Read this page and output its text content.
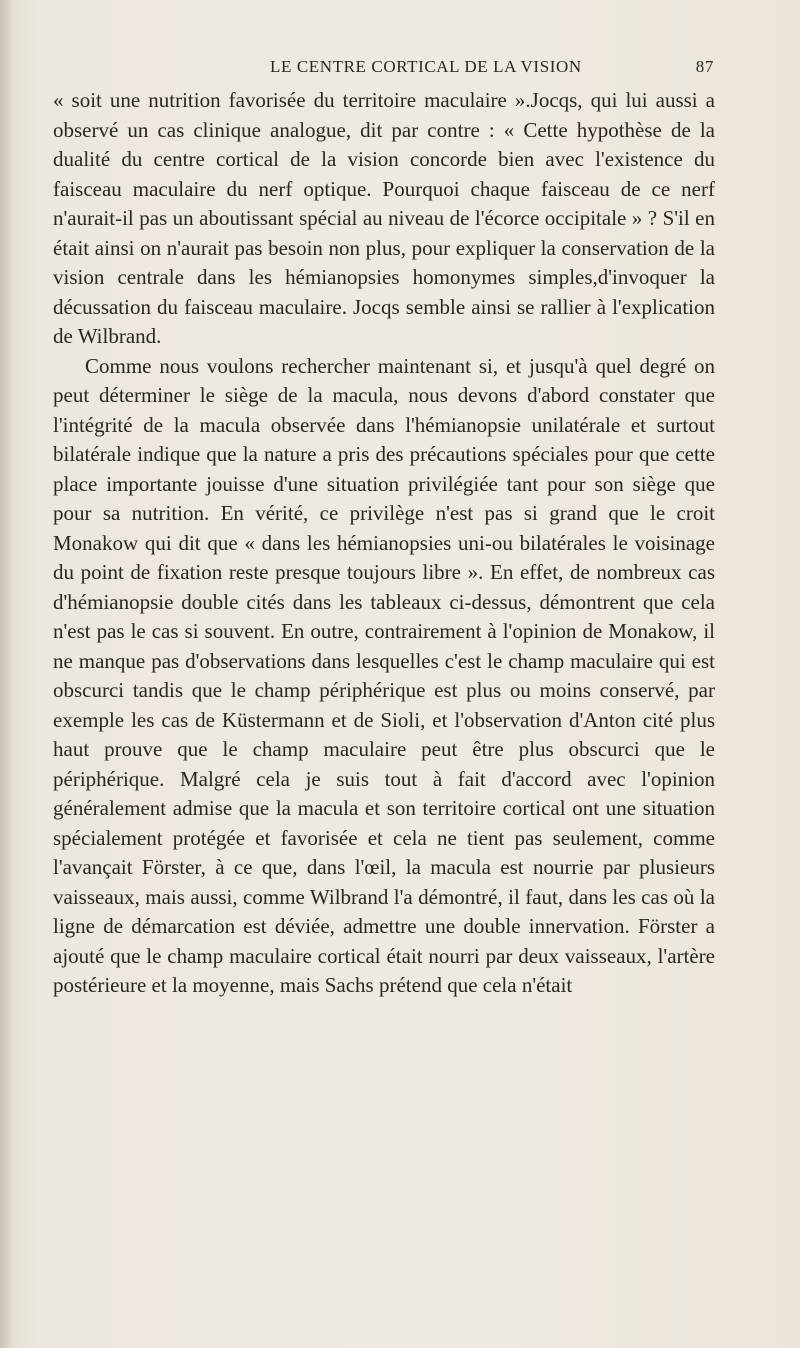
LE CENTRE CORTICAL DE LA VISION	87

« soit une nutrition favorisée du territoire maculaire ».Jocqs, qui lui aussi a observé un cas clinique analogue, dit par contre : « Cette hypothèse de la dualité du centre cortical de la vision concorde bien avec l'existence du faisceau maculaire du nerf optique. Pourquoi chaque faisceau de ce nerf n'aurait-il pas un aboutissant spécial au niveau de l'écorce occipitale » ? S'il en était ainsi on n'aurait pas besoin non plus, pour expliquer la conservation de la vision centrale dans les hémianopsies homonymes simples,d'invoquer la décussation du faisceau maculaire. Jocqs semble ainsi se rallier à l'explication de Wilbrand.

Comme nous voulons rechercher maintenant si, et jusqu'à quel degré on peut déterminer le siège de la macula, nous devons d'abord constater que l'intégrité de la macula observée dans l'hémianopsie unilatérale et surtout bilatérale indique que la nature a pris des précautions spéciales pour que cette place importante jouisse d'une situation privilégiée tant pour son siège que pour sa nutrition. En vérité, ce privilège n'est pas si grand que le croit Monakow qui dit que « dans les hémianopsies uni-ou bilatérales le voisinage du point de fixation reste presque toujours libre ». En effet, de nombreux cas d'hémianopsie double cités dans les tableaux ci-dessus, démontrent que cela n'est pas le cas si souvent. En outre, contrairement à l'opinion de Monakow, il ne manque pas d'observations dans lesquelles c'est le champ maculaire qui est obscurci tandis que le champ périphérique est plus ou moins conservé, par exemple les cas de Küstermann et de Sioli, et l'observation d'Anton cité plus haut prouve que le champ maculaire peut être plus obscurci que le périphérique. Malgré cela je suis tout à fait d'accord avec l'opinion généralement admise que la macula et son territoire cortical ont une situation spécialement protégée et favorisée et cela ne tient pas seulement, comme l'avançait Förster, à ce que, dans l'œil, la macula est nourrie par plusieurs vaisseaux, mais aussi, comme Wilbrand l'a démontré, il faut, dans les cas où la ligne de démarcation est déviée, admettre une double innervation. Förster a ajouté que le champ maculaire cortical était nourri par deux vaisseaux, l'artère postérieure et la moyenne, mais Sachs prétend que cela n'était
